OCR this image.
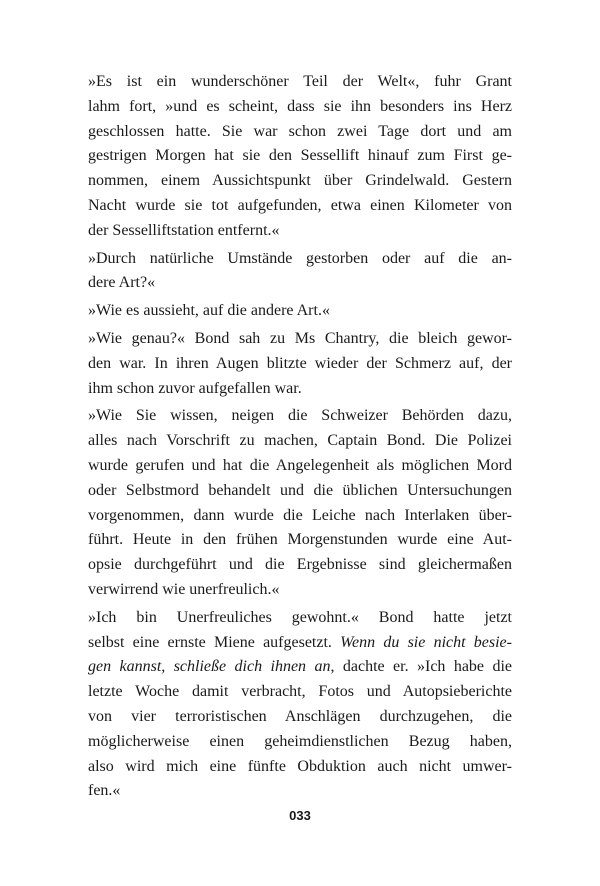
»Es ist ein wunderschöner Teil der Welt«, fuhr Grant
lahm fort, »und es scheint, dass sie ihn besonders ins Herz
geschlossen hatte. Sie war schon zwei Tage dort und am
gestrigen Morgen hat sie den Sessellift hinauf zum First ge-
nommen, einem Aussichtspunkt über Grindelwald. Gestern
Nacht wurde sie tot aufgefunden, etwa einen Kilometer von
der Sesselliftstation entfernt.«
»Durch natürliche Umstände gestorben oder auf die an-
dere Art?«
»Wie es aussieht, auf die andere Art.«
»Wie genau?« Bond sah zu Ms Chantry, die bleich gewor-
den war. In ihren Augen blitzte wieder der Schmerz auf, der
ihm schon zuvor aufgefallen war.
»Wie Sie wissen, neigen die Schweizer Behörden dazu,
alles nach Vorschrift zu machen, Captain Bond. Die Polizei
wurde gerufen und hat die Angelegenheit als möglichen Mord
oder Selbstmord behandelt und die üblichen Untersuchungen
vorgenommen, dann wurde die Leiche nach Interlaken über-
führt. Heute in den frühen Morgenstunden wurde eine Aut-
opsie durchgeführt und die Ergebnisse sind gleichermaßen
verwirrend wie unerfreulich.«
»Ich bin Unerfreuliches gewohnt.« Bond hatte jetzt
selbst eine ernste Miene aufgesetzt. Wenn du sie nicht besie-
gen kannst, schließe dich ihnen an, dachte er. »Ich habe die
letzte Woche damit verbracht, Fotos und Autopsieberichte
von vier terroristischen Anschlägen durchzugehen, die
möglicherweise einen geheimdienstlichen Bezug haben,
also wird mich eine fünfte Obduktion auch nicht umwer-
fen.«
033
